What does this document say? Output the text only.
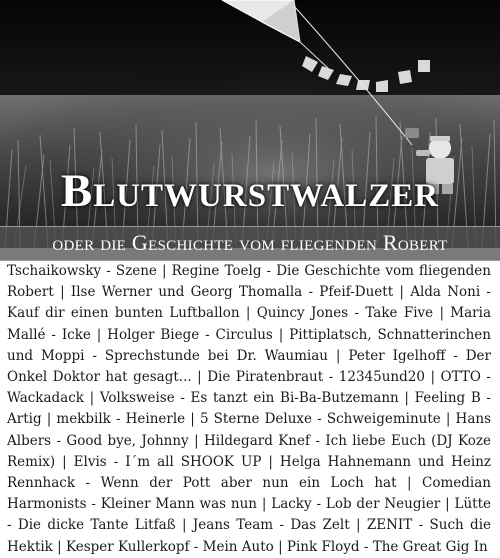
Blutwurstwalzer
oder die Geschichte vom fliegenden Robert
Tschaikowsky - Szene | Regine Toelg - Die Geschichte vom fliegenden Robert | Ilse Werner und Georg Thomalla - Pfeif-Duett | Alda Noni - Kauf dir einen bunten Luftballon | Quincy Jones - Take Five | Maria Mallé - Icke | Holger Biege - Circulus | Pittiplatsch, Schnatterinchen und Moppi - Sprechstunde bei Dr. Waumiau | Peter Igelhoff - Der Onkel Doktor hat gesagt... | Die Piratenbraut - 12345und20 | OTTO - Wackadack | Volksweise - Es tanzt ein Bi-Ba-Butzemann | Feeling B - Artig | mekbilk - Heinerle | 5 Sterne Deluxe - Schweigeminute | Hans Albers - Good bye, Johnny | Hildegard Knef - Ich liebe Euch (DJ Koze Remix) | Elvis - I´m all SHOOK UP | Helga Hahnemann und Heinz Rennhack - Wenn der Pott aber nun ein Loch hat | Comedian Harmonists - Kleiner Mann was nun | Lacky - Lob der Neugier | Lütte - Die dicke Tante Litfaß | Jeans Team - Das Zelt | ZENIT - Such die Hektik | Kesper Kullerkopf - Mein Auto | Pink Floyd - The Great Gig In
